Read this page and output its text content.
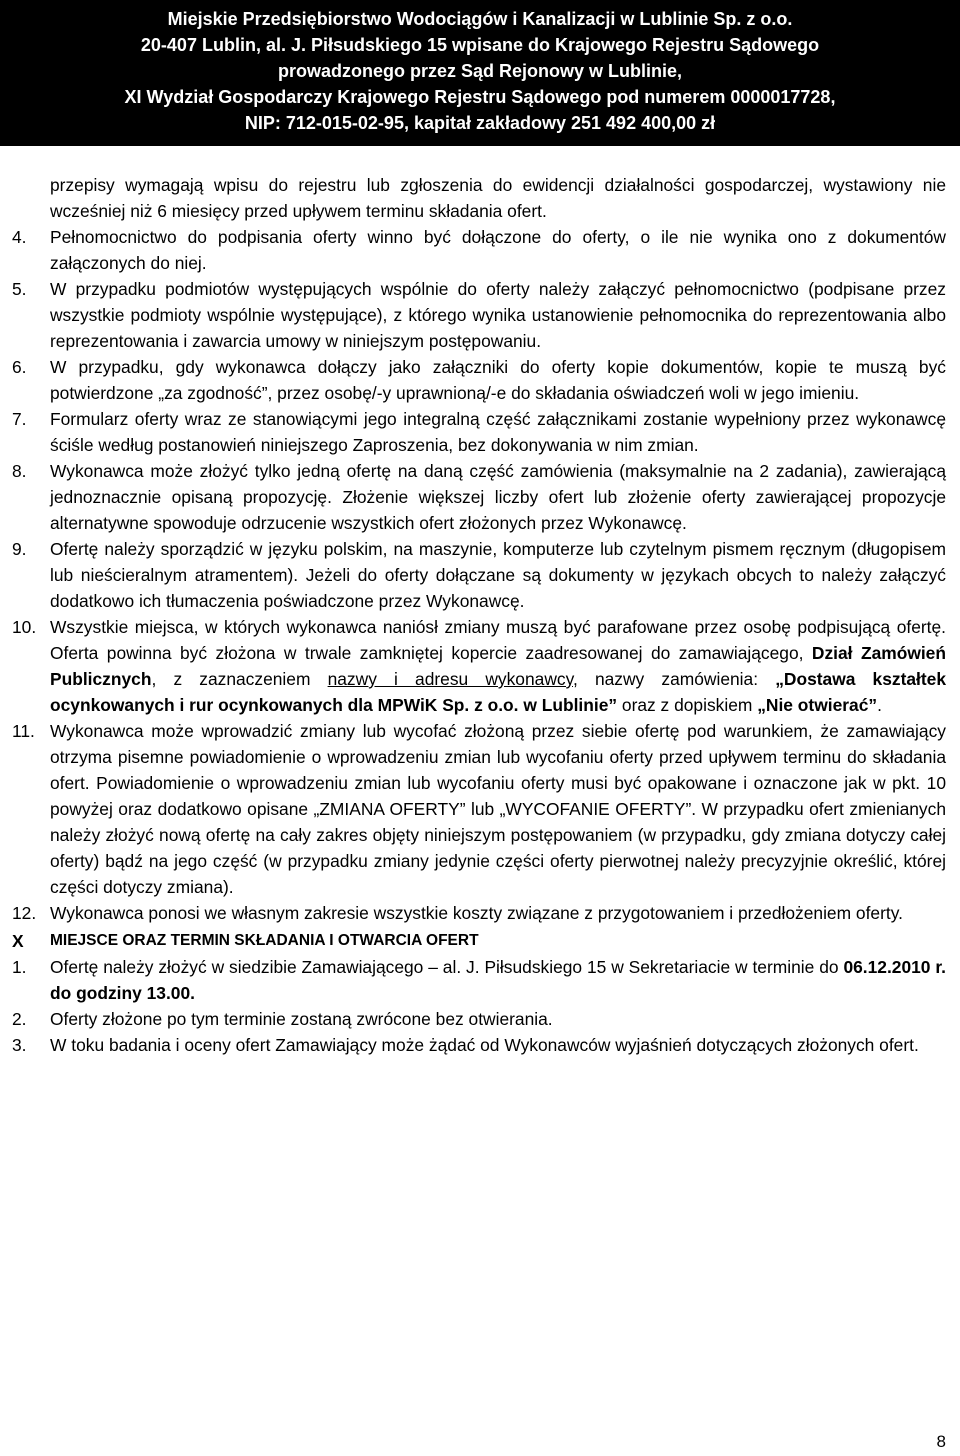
Miejskie Przedsiębiorstwo Wodociągów i Kanalizacji w Lublinie Sp. z o.o.
20-407 Lublin, al. J. Piłsudskiego 15 wpisane do Krajowego Rejestru Sądowego
prowadzonego przez Sąd Rejonowy w Lublinie,
XI Wydział Gospodarczy Krajowego Rejestru Sądowego pod numerem 0000017728,
NIP: 712-015-02-95, kapitał zakładowy 251 492 400,00 zł
przepisy wymagają wpisu do rejestru lub zgłoszenia do ewidencji działalności gospodarczej, wystawiony nie wcześniej niż 6 miesięcy przed upływem terminu składania ofert.
4. Pełnomocnictwo do podpisania oferty winno być dołączone do oferty, o ile nie wynika ono z dokumentów załączonych do niej.
5. W przypadku podmiotów występujących wspólnie do oferty należy załączyć pełnomocnictwo (podpisane przez wszystkie podmioty wspólnie występujące), z którego wynika ustanowienie pełnomocnika do reprezentowania albo reprezentowania i zawarcia umowy w niniejszym postępowaniu.
6. W przypadku, gdy wykonawca dołączy jako załączniki do oferty kopie dokumentów, kopie te muszą być potwierdzone „za zgodność”, przez osobę/-y uprawnioną/-e do składania oświadczeń woli w jego imieniu.
7. Formularz oferty wraz ze stanowiącymi jego integralną część załącznikami zostanie wypełniony przez wykonawcę ściśle według postanowień niniejszego Zaproszenia, bez dokonywania w nim zmian.
8. Wykonawca może złożyć tylko jedną ofertę na daną część zamówienia (maksymalnie na 2 zadania), zawierającą jednoznacznie opisaną propozycję. Złożenie większej liczby ofert lub złożenie oferty zawierającej propozycje alternatywne spowoduje odrzucenie wszystkich ofert złożonych przez Wykonawcę.
9. Ofertę należy sporządzić w języku polskim, na maszynie, komputerze lub czytelnym pismem ręcznym (długopisem lub nieścieralnym atramentem). Jeżeli do oferty dołączane są dokumenty w językach obcych to należy załączyć dodatkowo ich tłumaczenia poświadczone przez Wykonawcę.
10. Wszystkie miejsca, w których wykonawca naniósł zmiany muszą być parafowane przez osobę podpisującą ofertę. Oferta powinna być złożona w trwale zamkniętej kopercie zaadresowanej do zamawiającego, Dział Zamówień Publicznych, z zaznaczeniem nazwy i adresu wykonawcy, nazwy zamówienia: „Dostawa kształtek ocynkowanych i rur ocynkowanych dla MPWiK Sp. z o.o. w Lublinie” oraz z dopiskiem „Nie otwierać”.
11. Wykonawca może wprowadzić zmiany lub wycofać złożoną przez siebie ofertę pod warunkiem, że zamawiający otrzyma pisemne powiadomienie o wprowadzeniu zmian lub wycofaniu oferty przed upływem terminu do składania ofert. Powiadomienie o wprowadzeniu zmian lub wycofaniu oferty musi być opakowane i oznaczone jak w pkt. 10 powyżej oraz dodatkowo opisane „ZMIANA OFERTY” lub „WYCOFANIE OFERTY”. W przypadku ofert zmienianych należy złożyć nową ofertę na cały zakres objęty niniejszym postępowaniem (w przypadku, gdy zmiana dotyczy całej oferty) bądź na jego część (w przypadku zmiany jedynie części oferty pierwotnej należy precyzyjnie określić, której części dotyczy zmiana).
12. Wykonawca ponosi we własnym zakresie wszystkie koszty związane z przygotowaniem i przedłożeniem oferty.
X MIEJSCE ORAZ TERMIN SKŁADANIA I OTWARCIA OFERT
1. Ofertę należy złożyć w siedzibie Zamawiającego – al. J. Piłsudskiego 15 w Sekretariacie w terminie do 06.12.2010 r. do godziny 13.00.
2. Oferty złożone po tym terminie zostaną zwrócone bez otwierania.
3. W toku badania i oceny ofert Zamawiający może żądać od Wykonawców wyjaśnień dotyczących złożonych ofert.
8
